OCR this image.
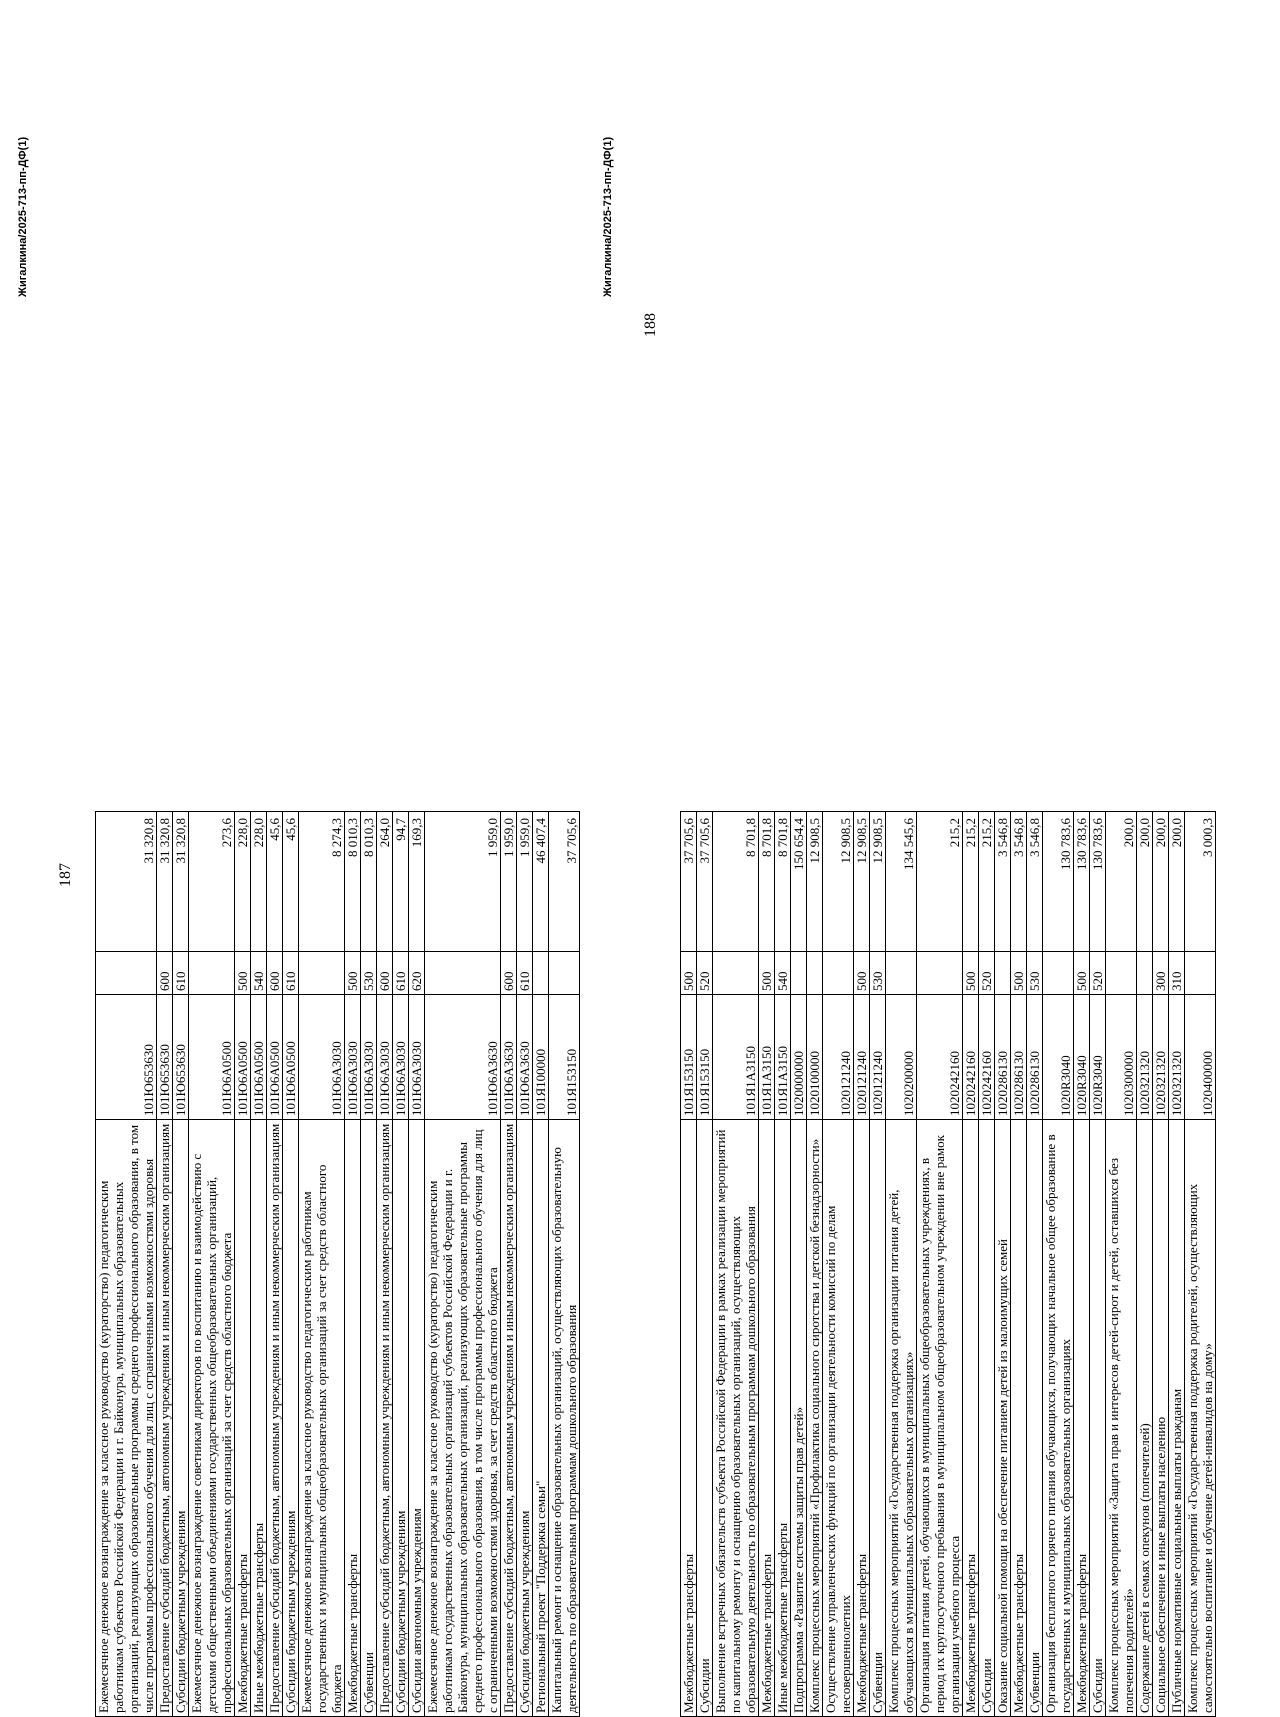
187
Ежемесячное денежное вознаграждение за классное руководство (кураторство) педагогическим работникам субъектов Российской Федерации и г. Байконура, муниципальных образовательных организаций, реализующих образовательные программы среднего профессионального образования, в том числе программы профессионального обучения для лиц с ограниченными возможностями здоровья	101Ю653630		31 320,8
Предоставление субсидий бюджетным, автономным учреждениям и иным некоммерческим организациям	101Ю653630	600	31 320,8
Субсидии бюджетным учреждениям	101Ю653630	610	31 320,8
Ежемесячное денежное вознаграждение советникам директоров по воспитанию и взаимодействию с детскими общественными объединениями государственных общеобразовательных организаций, профессиональных образовательных организаций за счет средств областного бюджета	101Ю6А0500		273,6
Межбюджетные трансферты	101Ю6А0500	500	228,0
Иные межбюджетные трансферты	101Ю6А0500	540	228,0
Предоставление субсидий бюджетным, автономным учреждениям и иным некоммерческим организациям	101Ю6А0500	600	45,6
Субсидии бюджетным учреждениям	101Ю6А0500	610	45,6
Ежемесячное денежное вознаграждение за классное руководство педагогическим работникам государственных и муниципальных общеобразовательных организаций за счет средств областного бюджета	101Ю6А3030		8 274,3
Межбюджетные трансферты	101Ю6А3030	500	8 010,3
Субвенции	101Ю6А3030	530	8 010,3
Предоставление субсидий бюджетным, автономным учреждениям и иным некоммерческим организациям	101Ю6А3030	600	264,0
Субсидии бюджетным учреждениям	101Ю6А3030	610	94,7
Субсидии автономным учреждениям	101Ю6А3030	620	169,3
Ежемесячное денежное вознаграждение за классное руководство (кураторство) педагогическим работникам государственных образовательных организаций субъектов Российской Федерации и г. Байконура, муниципальных образовательных организаций, реализующих образовательные программы среднего профессионального образования, в том числе программы профессионального обучения для лиц с ограниченными возможностями здоровья, за счет средств областного бюджета	101Ю6А3630		1 959,0
Предоставление субсидий бюджетным, автономным учреждениям и иным некоммерческим организациям	101Ю6А3630	600	1 959,0
Субсидии бюджетным учреждениям	101Ю6А3630	610	1 959,0
Региональный проект "Поддержка семьи"	101Я100000		46 407,4
Капитальный ремонт и оснащение образовательных организаций, осуществляющих образовательную деятельность по образовательным программам дошкольного образования	101Я153150		37 705,6
Жигалкина/2025-713-пп-ДФ(1)
188
Межбюджетные трансферты	101Я153150	500	37 705,6
Субсидии	101Я153150	520	37 705,6
Выполнение встречных обязательств субъекта Российской Федерации в рамках реализации мероприятий по капитальному ремонту и оснащению образовательных организаций, осуществляющих образовательную деятельность по образовательным программам дошкольного образования	101Я1А3150		8 701,8
Межбюджетные трансферты	101Я1А3150	500	8 701,8
Иные межбюджетные трансферты	101Я1А3150	540	8 701,8
Подпрограмма «Развитие системы защиты прав детей»	1020000000		150 654,4
Комплекс процессных мероприятий «Профилактика социального сиротства и детской безнадзорности»	1020100000		12 908,5
Осуществление управленческих функций по организации деятельности комиссий по делам несовершеннолетних	1020121240		12 908,5
Межбюджетные трансферты	1020121240	500	12 908,5
Субвенции	1020121240	530	12 908,5
Комплекс процессных мероприятий «Государственная поддержка организации питания детей, обучающихся в муниципальных образовательных организациях»	1020200000		134 545,6
Организация питания детей, обучающихся в муниципальных общеобразовательных учреждениях, в период их круглосуточного пребывания в муниципальном общеобразовательном учреждении вне рамок организации учебного процесса	1020242160		215,2
Межбюджетные трансферты	1020242160	500	215,2
Субсидии	1020242160	520	215,2
Оказание социальной помощи на обеспечение питанием детей из малоимущих семей	1020286130		3 546,8
Межбюджетные трансферты	1020286130	500	3 546,8
Субвенции	1020286130	530	3 546,8
Организация бесплатного горячего питания обучающихся, получающих начальное общее образование в государственных и муниципальных образовательных организациях	1020R3040		130 783,6
Межбюджетные трансферты	1020R3040	500	130 783,6
Субсидии	1020R3040	520	130 783,6
Комплекс процессных мероприятий «Защита прав и интересов детей-сирот и детей, оставшихся без попечения родителей»	1020300000		200,0
Содержание детей в семьях опекунов (попечителей)	1020321320		200,0
Социальное обеспечение и иные выплаты населению	1020321320	300	200,0
Публичные нормативные социальные выплаты гражданам	1020321320	310	200,0
Комплекс процессных мероприятий «Государственная поддержка родителей, осуществляющих самостоятельно воспитание и обучение детей-инвалидов на дому»	1020400000		3 000,3
Жигалкина/2025-713-пп-ДФ(1)
